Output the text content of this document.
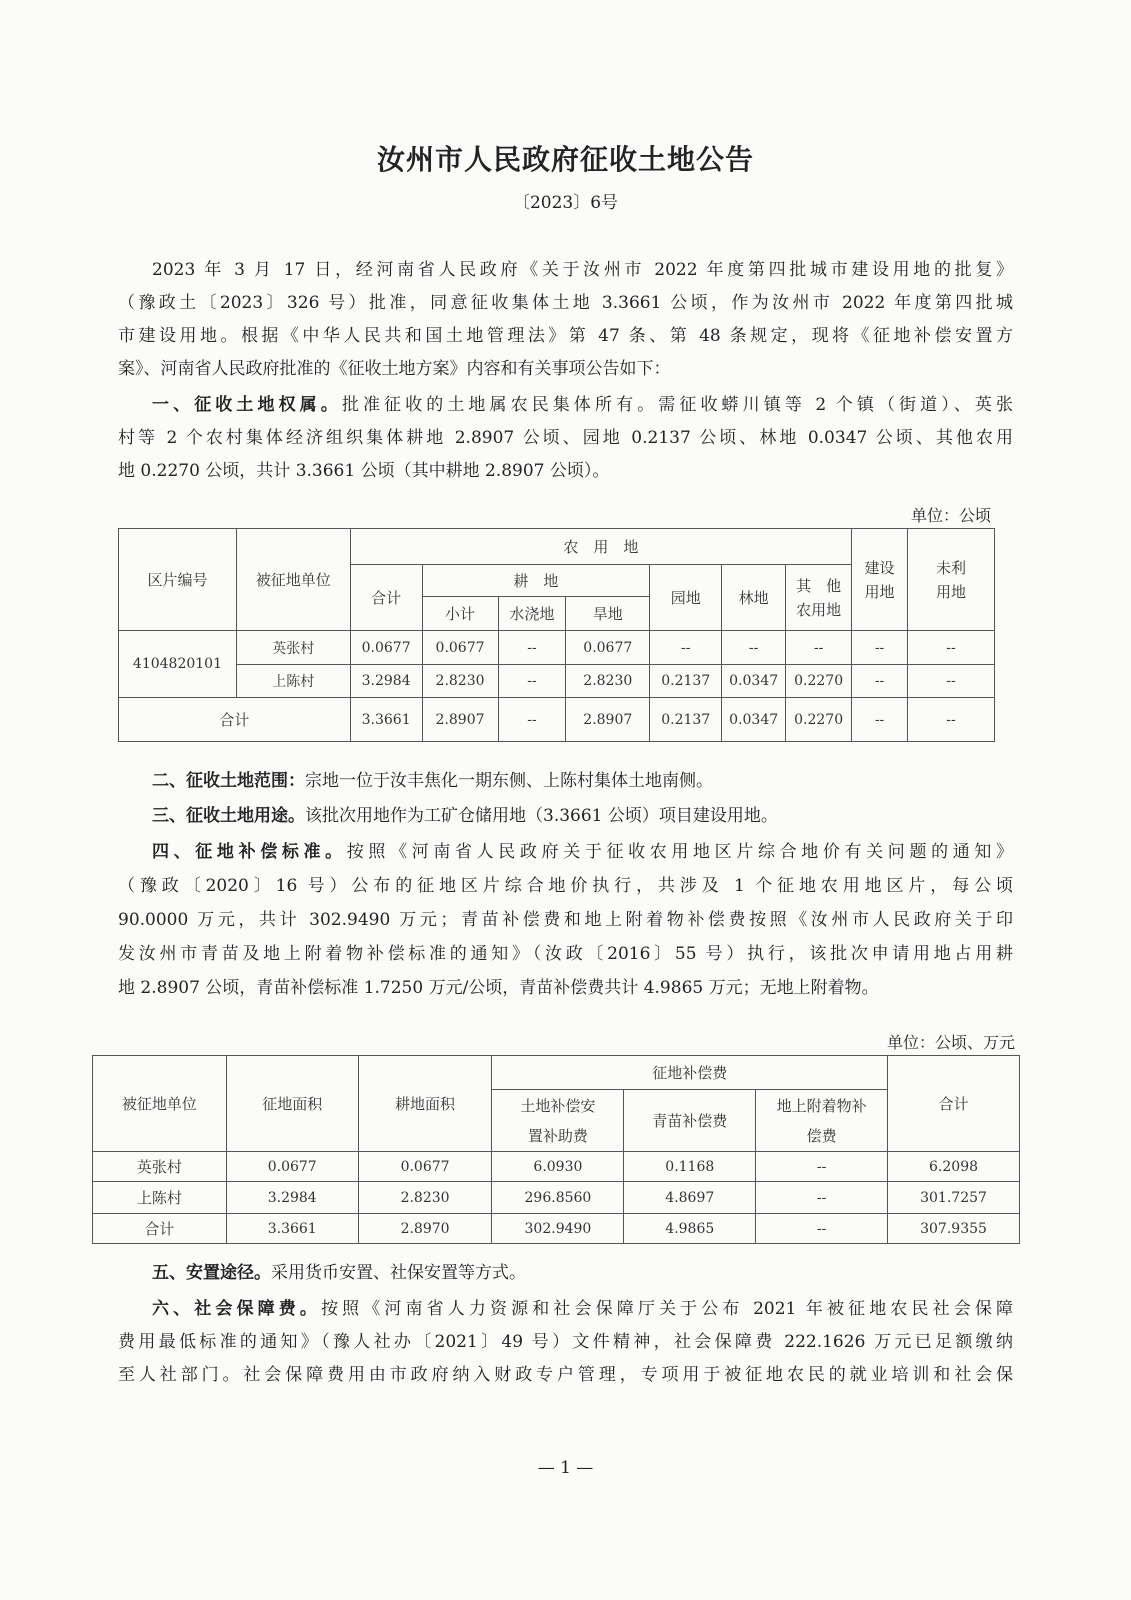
汝州市人民政府征收土地公告
〔2023〕6号
2023 年 3 月 17 日，经河南省人民政府《关于汝州市 2022 年度第四批城市建设用地的批复》
（豫政土〔2023〕326 号）批准，同意征收集体土地 3.3661 公顷，作为汝州市 2022 年度第四批城
市建设用地。根据《中华人民共和国土地管理法》第 47 条、第 48 条规定，现将《征地补偿安置方
案》、河南省人民政府批准的《征收土地方案》内容和有关事项公告如下：
一、征收土地权属。批准征收的土地属农民集体所有。需征收蟒川镇等 2 个镇（街道）、英张
村等 2 个农村集体经济组织集体耕地 2.8907 公顷、园地 0.2137 公顷、林地 0.0347 公顷、其他农用
地 0.2270 公顷，共计 3.3661 公顷（其中耕地 2.8907 公顷）。
单位：公顷
区片编号	被征地单位	农　用　地							建设用地	未利用地
		合计	耕　地			园地	林地	其　他农用地		
			小计	水浇地	旱地					
4104820101	英张村	0.0677	0.0677	--	0.0677	--	--	--	--	--
	上陈村	3.2984	2.8230	--	2.8230	0.2137	0.0347	0.2270	--	--
合计		3.3661	2.8907	--	2.8907	0.2137	0.0347	0.2270	--	--
二、征收土地范围：宗地一位于汝丰焦化一期东侧、上陈村集体土地南侧。
三、征收土地用途。该批次用地作为工矿仓储用地（3.3661 公顷）项目建设用地。
四、征地补偿标准。按照《河南省人民政府关于征收农用地区片综合地价有关问题的通知》
（豫政〔2020〕16 号）公布的征地区片综合地价执行，共涉及 1 个征地农用地区片，每公顷
90.0000 万元，共计 302.9490 万元；青苗补偿费和地上附着物补偿费按照《汝州市人民政府关于印
发汝州市青苗及地上附着物补偿标准的通知》（汝政〔2016〕55 号）执行，该批次申请用地占用耕
地 2.8907 公顷，青苗补偿标准 1.7250 万元/公顷，青苗补偿费共计 4.9865 万元；无地上附着物。
单位：公顷、万元
被征地单位	征地面积	耕地面积	征地补偿费			合计
			土地补偿安置补助费	青苗补偿费	地上附着物补偿费	
英张村	0.0677	0.0677	6.0930	0.1168	--	6.2098
上陈村	3.2984	2.8230	296.8560	4.8697	--	301.7257
合计	3.3661	2.8970	302.9490	4.9865	--	307.9355
五、安置途径。采用货币安置、社保安置等方式。
六、社会保障费。按照《河南省人力资源和社会保障厅关于公布 2021 年被征地农民社会保障
费用最低标准的通知》（豫人社办〔2021〕49 号）文件精神，社会保障费 222.1626 万元已足额缴纳
至人社部门。社会保障费用由市政府纳入财政专户管理，专项用于被征地农民的就业培训和社会保
— 1 —
